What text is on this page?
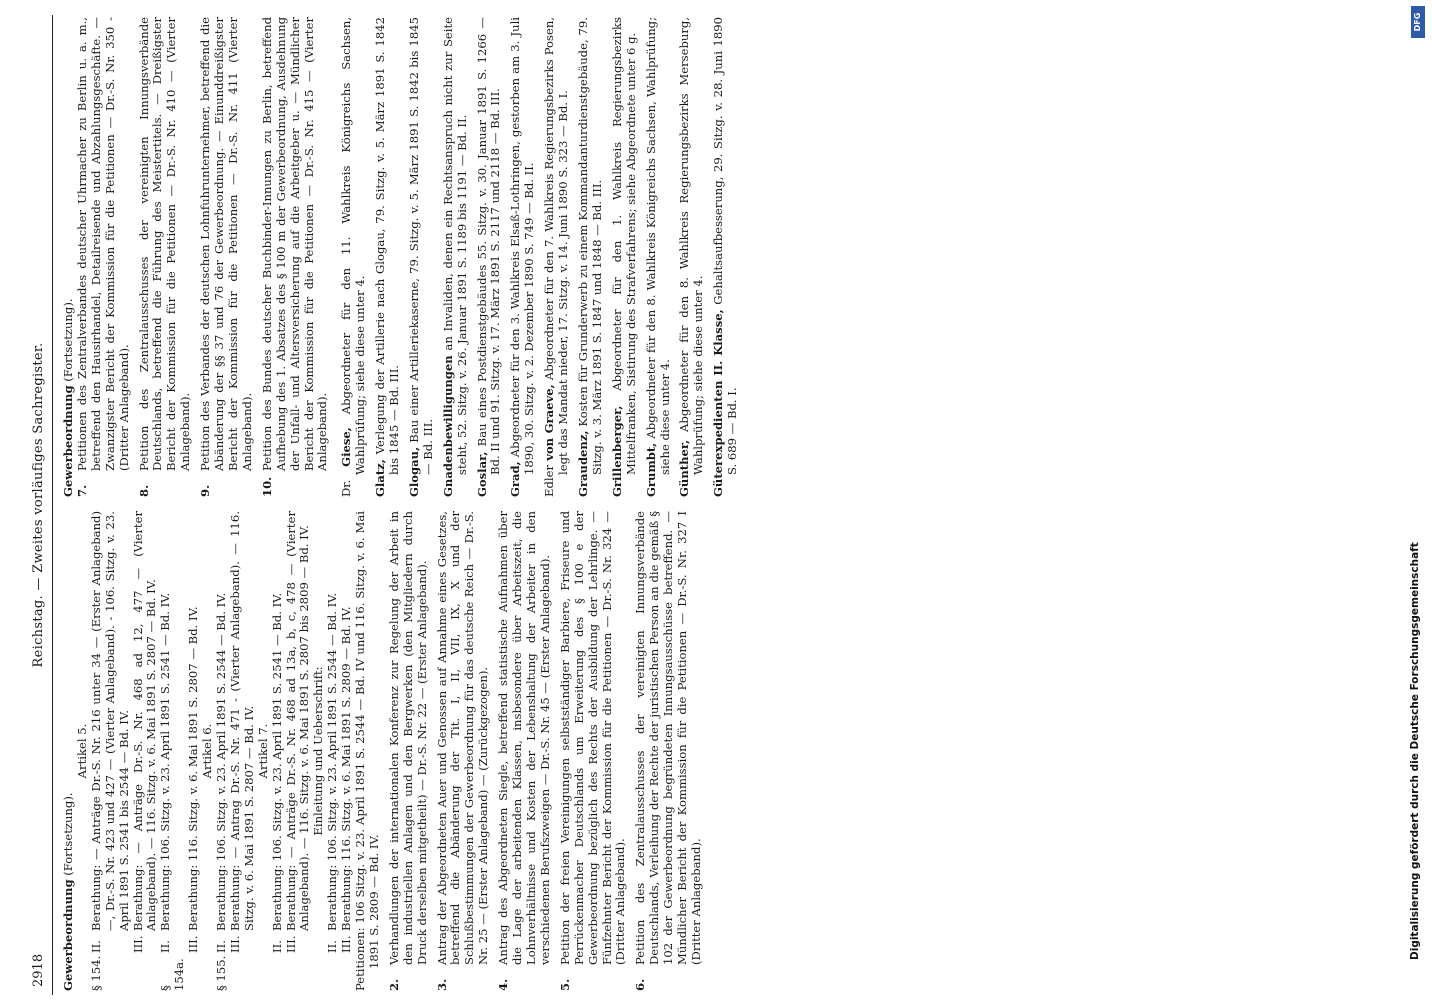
2918
Reichstag. — Zweites vorläufiges Sachregister.
Gewerbeordnung (Fortsetzung).

Artikel 5.

§ 154.
II.
Berathung: — Anträge Dr.-S. Nr. 216 unter 34 — (Erster Anlageband) —, Dr.-S. Nr. 423 und 427 — (Vierter Anlageband). - 106. Sitzg. v. 23. April 1891 S. 2541 bis 2544 — Bd. IV.
III.
Berathung: — Anträge Dr.-S. Nr. 468 ad 12, 477 — (Vierter Anlageband). — 116. Sitzg. v. 6. Mai 1891 S. 2807 — Bd. IV.
§ 154a.
II.
Berathung: 106. Sitzg. v. 23. April 1891 S. 2541 — Bd. IV.
III.
Berathung: 116. Sitzg. v. 6. Mai 1891 S. 2807 — Bd. IV. Artikel 6.

§ 155.
II.
Berathung: 106. Sitzg. v. 23. April 1891 S. 2544 — Bd. IV.
III.
Berathung: — Antrag Dr.-S. Nr. 471 - (Vierter Anlageband). — 116. Sitzg. v. 6. Mai 1891 S. 2807 — Bd. IV. Artikel 7.

II.
Berathung: 106. Sitzg. v. 23. April 1891 S. 2541 — Bd. IV.
III.
Berathung: — Anträge Dr.-S. Nr. 468 ad 13a, b, c, 478 — (Vierter Anlageband). — 116. Sitzg. v. 6. Mai 1891 S. 2807 bis 2809 — Bd. IV. Einleitung und Ueberschrift:

II.
Berathung: 106. Sitzg. v. 23. April 1891 S. 2544 — Bd. IV.
III.
Berathung: 116. Sitzg. v. 6. Mai 1891 S. 2809 — Bd. IV. Petitionen: 106 Sitzg. v. 23. April 1891 S. 2544 — Bd. IV und 116. Sitzg. v. 6. Mai 1891 S. 2809 — Bd. IV.
2.
Verhandlungen der internationalen Konferenz zur Regelung der Arbeit in den industriellen Anlagen und den Bergwerken (den Mitgliedern durch Druck derselben mitgetheilt) — Dr.-S. Nr. 22 — (Erster Anlageband).
3.
Antrag der Abgeordneten Auer und Genossen auf Annahme eines Gesetzes, betreffend die Abänderung der Tit. I, II, VII, IX, X und der Schlußbestimmungen der Gewerbeordnung für das deutsche Reich — Dr.-S. Nr. 25 — (Erster Anlageband) — (Zurückgezogen).
4.
Antrag des Abgeordneten Siegle, betreffend statistische Aufnahmen über die Lage der arbeitenden Klassen, insbesondere über Arbeitszeit, die Lohnverhältnisse und Kosten der Lebenshaltung der Arbeiter in den verschiedenen Berufszweigen — Dr.-S. Nr. 45 — (Erster Anlageband).
5.
Petition der freien Vereinigungen selbstständiger Barbiere, Friseure und Perrückenmacher Deutschlands um Erweiterung des § 100 e der Gewerbeordnung bezüglich des Rechts der Ausbildung der Lehrlinge. — Fünfzehnter Bericht der Kommission für die Petitionen — Dr.-S. Nr. 324 — (Dritter Anlageband).
6.
Petition des Zentralausschusses der vereinigten Innungsverbände Deutschlands, Verleihung der Rechte der juristischen Person an die gemäß § 102 der Gewerbeordnung begründeten Innungsausschüsse betreffend. — Mündlicher Bericht der Kommission für die Petitionen — Dr.-S. Nr. 327 I (Dritter Anlageband).
Gewerbeordnung (Fortsetzung).
7.
Petitionen des Zentralverbandes deutscher Uhrmacher zu Berlin u. a. m., betreffend den Hausirhandel, Detailreisende und Abzahlungsgeschäfte. — Zwanzigster Bericht der Kommission für die Petitionen — Dr.-S. Nr. 350 - (Dritter Anlageband).
8.
Petition des Zentralausschusses der vereinigten Innungsverbände Deutschlands, betreffend die Führung des Meistertitels. — Dreißigster Bericht der Kommission für die Petitionen — Dr.-S. Nr. 410 — (Vierter Anlageband).
9.
Petition des Verbandes der deutschen Lohnfuhrunternehmer, betreffend die Abänderung der §§ 37 und 76 der Gewerbeordnung. — Einunddreißigster Bericht der Kommission für die Petitionen — Dr.-S. Nr. 411 (Vierter Anlageband).
10.
Petition des Bundes deutscher Buchbinder-Innungen zu Berlin, betreffend Aufhebung des 1. Absatzes des § 100 m der Gewerbeordnung, Ausdehnung der Unfall- und Altersversicherung auf die Arbeitgeber u. — Mündlicher Bericht der Kommission für die Petitionen — Dr.-S. Nr. 415 — (Vierter Anlageband).
Dr. Giese, Abgeordneter für den 11. Wahlkreis Königreichs Sachsen, Wahlprüfung; siehe diese unter 4.
Glatz, Verlegung der Artillerie nach Glogau, 79. Sitzg. v. 5. März 1891 S. 1842 bis 1845 — Bd. III. Glogau, Bau einer Artilleriekaserne, 79. Sitzg. v. 5. März 1891 S. 1842 bis 1845 — Bd. III. Gnadenbewilligungen an Invaliden, denen ein Rechtsanspruch nicht zur Seite steht, 52. Sitzg. v. 26. Januar 1891 S. 1189 bis 1191 — Bd. II. Goslar, Bau eines Postdienstgebäudes 55. Sitzg. v. 30. Januar 1891 S. 1266 — Bd. II und 91. Sitzg. v. 17. März 1891 S. 2117 und 2118 — Bd. III.
Grad, Abgeordneter für den 3. Wahlkreis Elsaß-Lothringen, gestorben am 3. Juli 1890, 30. Sitzg. v. 2. Dezember 1890 S. 749 — Bd. II.
Edler von Graeve, Abgeordneter für den 7. Wahlkreis Regierungsbezirks Posen, legt das Mandat nieder, 17. Sitzg. v. 14. Juni 1890 S. 323 — Bd. I. Graudenz, Kosten für Grunderwerb zu einem Kommandanturdienstgebäude, 79. Sitzg. v. 3. März 1891 S. 1847 und 1848 — Bd. III. Grillenberger, Abgeordneter für den 1. Wahlkreis Regierungsbezirks Mittelfranken, Sistirung des Strafverfahrens; siehe Abgeordnete unter 6 g. Grumbt, Abgeordneter für den 8. Wahlkreis Königreichs Sachsen, Wahlprüfung; siehe diese unter 4. Günther, Abgeordneter für den 8. Wahlkreis Regierungsbezirks Merseburg, Wahlprüfung; siehe diese unter 4. Güterexpedienten II. Klasse, Gehaltsaufbesserung, 29. Sitzg. v. 28. Juni 1890 S. 689 — Bd. I.
DFG
Digitalisierung gefördert durch die Deutsche Forschungsgemeinschaft
